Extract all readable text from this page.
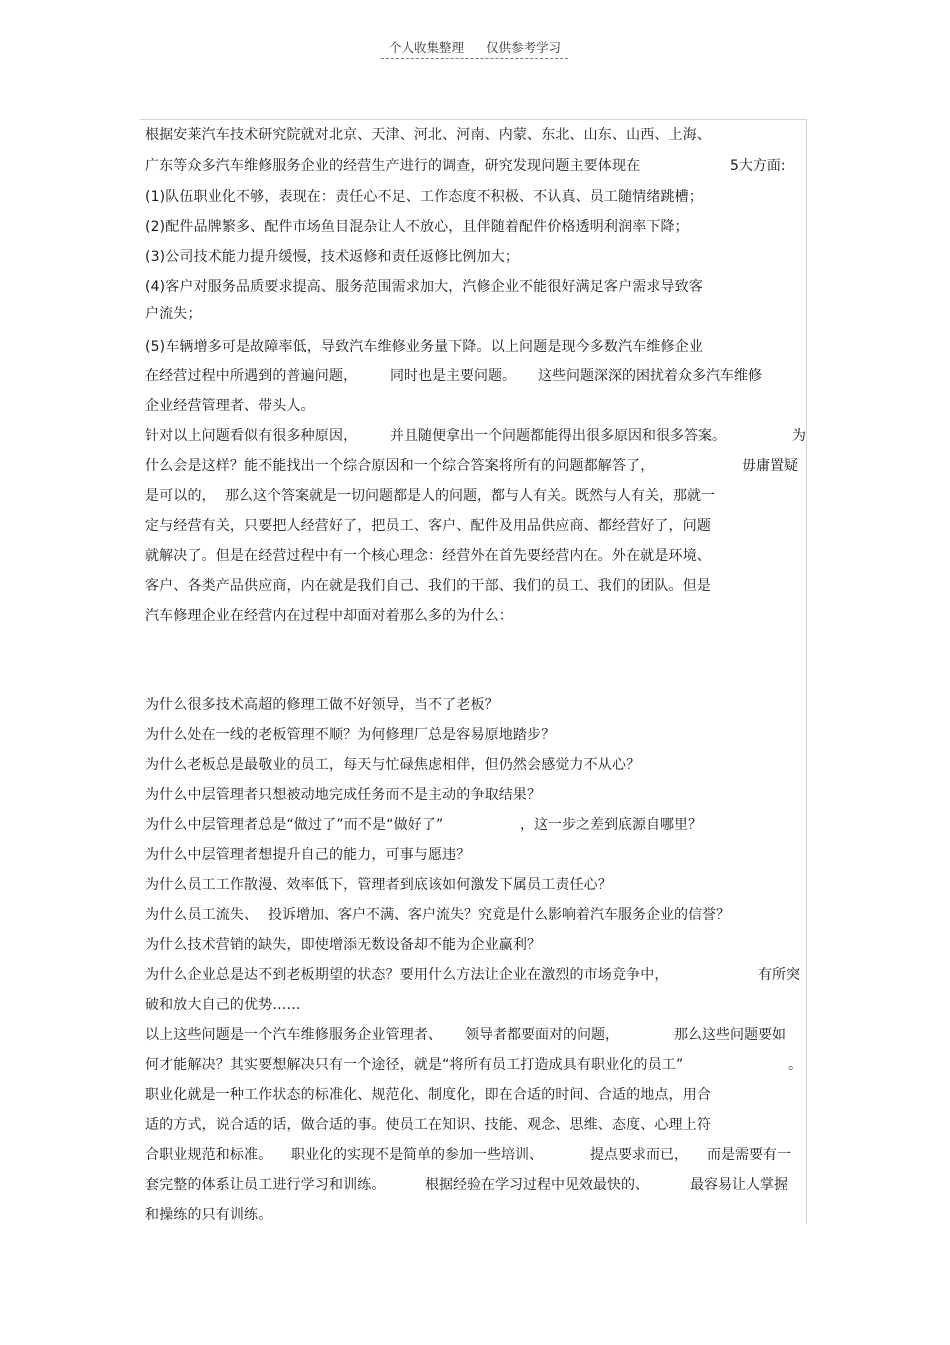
个人收集整理 仅供参考学习
根据安莱汽车技术研究院就对北京、天津、河北、河南、内蒙、东北、山东、山西、上海、
广东等众多汽车维修服务企业的经营生产进行的调查，研究发现问题主要体现在	5大方面:
(1)队伍职业化不够，表现在：责任心不足、工作态度不积极、不认真、员工随情绪跳槽；
(2)配件品牌繁多、配件市场鱼目混杂让人不放心，且伴随着配件价格透明利润率下降；
(3)公司技术能力提升缓慢，技术返修和责任返修比例加大；
(4)客户对服务品质要求提高、服务范围需求加大，汽修企业不能很好满足客户需求导致客
户流失；
(5)车辆增多可是故障率低，导致汽车维修业务量下降。以上问题是现今多数汽车维修企业
在经营过程中所遇到的普遍问题， 同时也是主要问题。 这些问题深深的困扰着众多汽车维修
企业经营管理者、带头人。
针对以上问题看似有很多种原因， 并且随便拿出一个问题都能得出很多原因和很多答案。	为
什么会是这样？能不能找出一个综合原因和一个综合答案将所有的问题都解答了，	毋庸置疑
是可以的， 那么这个答案就是一切问题都是人的问题，都与人有关。既然与人有关，那就一
定与经营有关，只要把人经营好了，把员工、客户、配件及用品供应商、都经营好了，问题
就解决了。但是在经营过程中有一个核心理念：经营外在首先要经营内在。外在就是环境、
客户、各类产品供应商，内在就是我们自己、我们的干部、我们的员工、我们的团队。但是
汽车修理企业在经营内在过程中却面对着那么多的为什么：
为什么很多技术高超的修理工做不好领导，当不了老板？
为什么处在一线的老板管理不顺？为何修理厂总是容易原地踏步？
为什么老板总是最敬业的员工，每天与忙碌焦虑相伴，但仍然会感觉力不从心？
为什么中层管理者只想被动地完成任务而不是主动的争取结果？
为什么中层管理者总是“做过了”而不是“做好了”	，这一步之差到底源自哪里？
为什么中层管理者想提升自己的能力，可事与愿违？
为什么员工工作散漫、效率低下，管理者到底该如何激发下属员工责任心？
为什么员工流失、 投诉增加、客户不满、客户流失？究竟是什么影响着汽车服务企业的信誉？
为什么技术营销的缺失，即使增添无数设备却不能为企业赢利？
为什么企业总是达不到老板期望的状态？要用什么方法让企业在激烈的市场竞争中，	有所突
破和放大自己的优势……
以上这些问题是一个汽车维修服务企业管理者、 领导者都要面对的问题，	那么这些问题要如
何才能解决？其实要想解决只有一个途径，就是“将所有员工打造成具有职业化的员工”	。
职业化就是一种工作状态的标准化、规范化、制度化，即在合适的时间、合适的地点，用合
适的方式，说合适的话，做合适的事。使员工在知识、技能、观念、思维、态度、心理上符
合职业规范和标准。 职业化的实现不是简单的参加一些培训、	提点要求而已， 而是需要有一
套完整的体系让员工进行学习和训练。	根据经验在学习过程中见效最快的、	最容易让人掌握
和操练的只有训练。
